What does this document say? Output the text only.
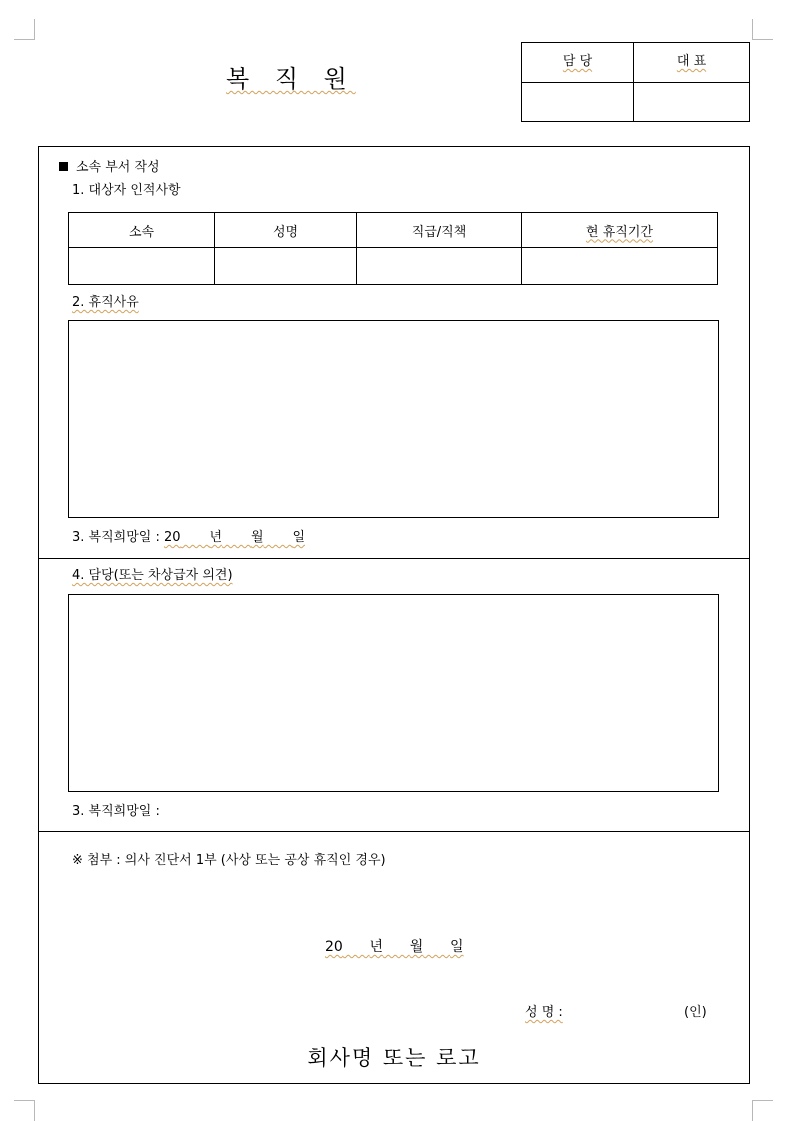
복 직 원
담 당	대 표
소속 부서 작성
1. 대상자 인적사항
소속	성명	직급/직책	현 휴직기간

2. 휴직사유
3. 복직희망일 : 20 년 월 일
4. 담당(또는 차상급자 의견)
3. 복직희망일 :
※ 첨부 : 의사 진단서 1부 (사상 또는 공상 휴직인 경우)
20 년 월 일
성 명 :	(인)
회사명 또는 로고
